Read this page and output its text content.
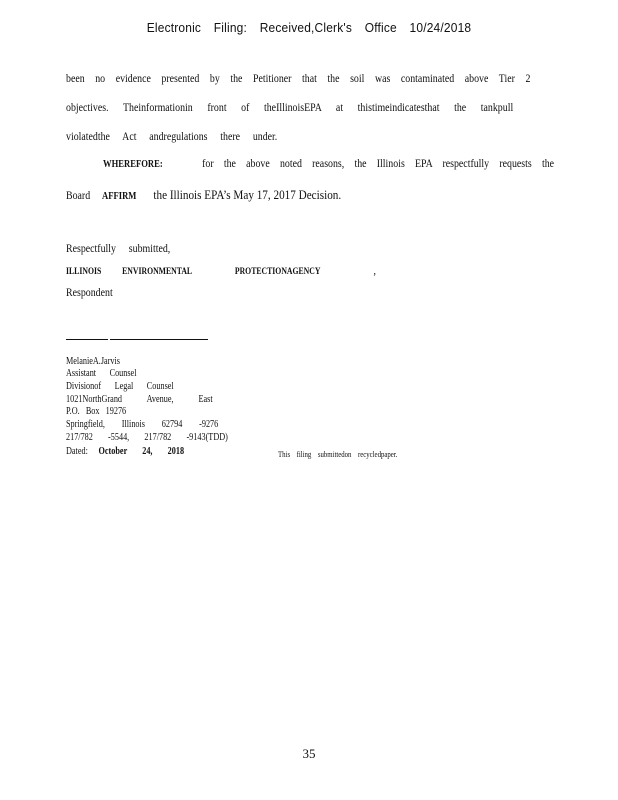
Electronic Filing: Received,Clerk's Office 10/24/2018
been no evidence presented by the Petitioner that the soil was contaminated above Tier 2
objectives. Theinformationin front of theIllinoisEPA at thistimeindicatesthat the tankpull
violatedthe Act andregulations there under.
WHEREFORE:	for the above noted reasons, the Illinois EPA respectfully requests the
Board AFFIRM the Illinois EPA’s May 17, 2017 Decision.
Respectfully submitted,
ILLINOIS ENVIRONMENTAL	PROTECTIONAGENCY	,
Respondent
MelanieA.Jarvis
Assistant Counsel
Divisionof Legal Counsel
1021NorthGrand Avenue, East
P.O. Box 19276
Springfield, Illinois 62794 -9276
217/782 -5544, 217/782 -9143(TDD)
Dated: October 24, 2018	This filing submittedon recycledpaper.
35
